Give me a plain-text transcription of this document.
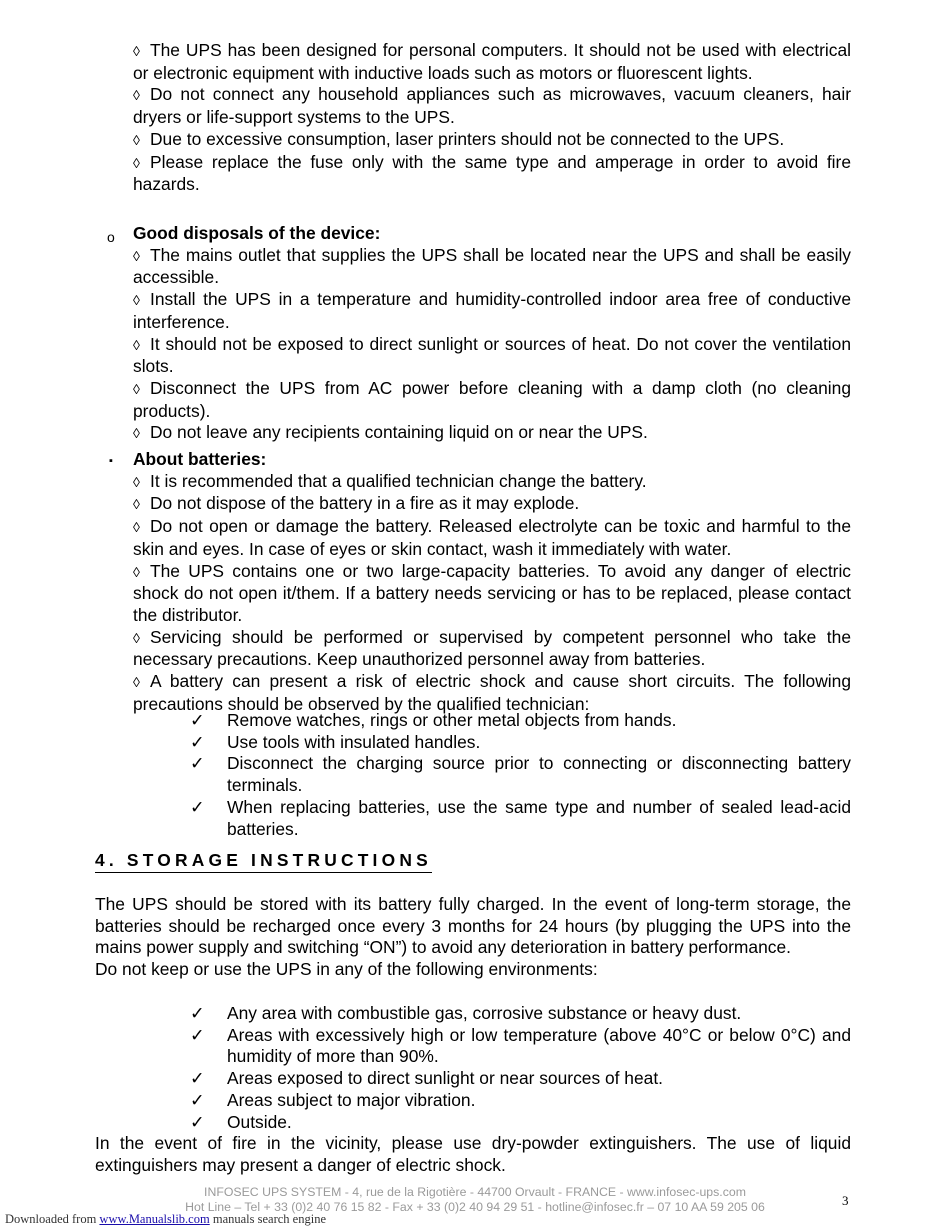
◊ The UPS has been designed for personal computers. It should not be used with electrical or electronic equipment with inductive loads such as motors or fluorescent lights.

◊ Do not connect any household appliances such as microwaves, vacuum cleaners, hair dryers or life-support systems to the UPS.

◊ Due to excessive consumption, laser printers should not be connected to the UPS.

◊ Please replace the fuse only with the same type and amperage in order to avoid fire hazards.

o Good disposals of the device:

◊ The mains outlet that supplies the UPS shall be located near the UPS and shall be easily accessible.

◊ Install the UPS in a temperature and humidity-controlled indoor area free of conductive interference.

◊ It should not be exposed to direct sunlight or sources of heat. Do not cover the ventilation slots.

◊ Disconnect the UPS from AC power before cleaning with a damp cloth (no cleaning products).

◊ Do not leave any recipients containing liquid on or near the UPS.

▪ About batteries:

◊ It is recommended that a qualified technician change the battery.

◊ Do not dispose of the battery in a fire as it may explode.

◊ Do not open or damage the battery. Released electrolyte can be toxic and harmful to the skin and eyes. In case of eyes or skin contact, wash it immediately with water.

◊ The UPS contains one or two large-capacity batteries. To avoid any danger of electric shock do not open it/them. If a battery needs servicing or has to be replaced, please contact the distributor.

◊ Servicing should be performed or supervised by competent personnel who take the necessary precautions. Keep unauthorized personnel away from batteries.

◊ A battery can present a risk of electric shock and cause short circuits. The following precautions should be observed by the qualified technician:

✓ Remove watches, rings or other metal objects from hands.
✓ Use tools with insulated handles.
✓ Disconnect the charging source prior to connecting or disconnecting battery terminals.
✓ When replacing batteries, use the same type and number of sealed lead-acid batteries.
4. STORAGE INSTRUCTIONS

The UPS should be stored with its battery fully charged. In the event of long-term storage, the batteries should be recharged once every 3 months for 24 hours (by plugging the UPS into the mains power supply and switching “ON”) to avoid any deterioration in battery performance.

Do not keep or use the UPS in any of the following environments:

✓ Any area with combustible gas, corrosive substance or heavy dust.
✓ Areas with excessively high or low temperature (above 40°C or below 0°C) and humidity of more than 90%.
✓ Areas exposed to direct sunlight or near sources of heat.
✓ Areas subject to major vibration.
✓ Outside.

In the event of fire in the vicinity, please use dry-powder extinguishers. The use of liquid extinguishers may present a danger of electric shock.

INFOSEC UPS SYSTEM - 4, rue de la Rigotière - 44700 Orvault - FRANCE - www.infosec-ups.com
Hot Line – Tel + 33 (0)2 40 76 15 82 - Fax + 33 (0)2 40 94 29 51 - hotline@infosec.fr – 07 10 AA 59 205 06	3
Downloaded from www.Manualslib.com manuals search engine
